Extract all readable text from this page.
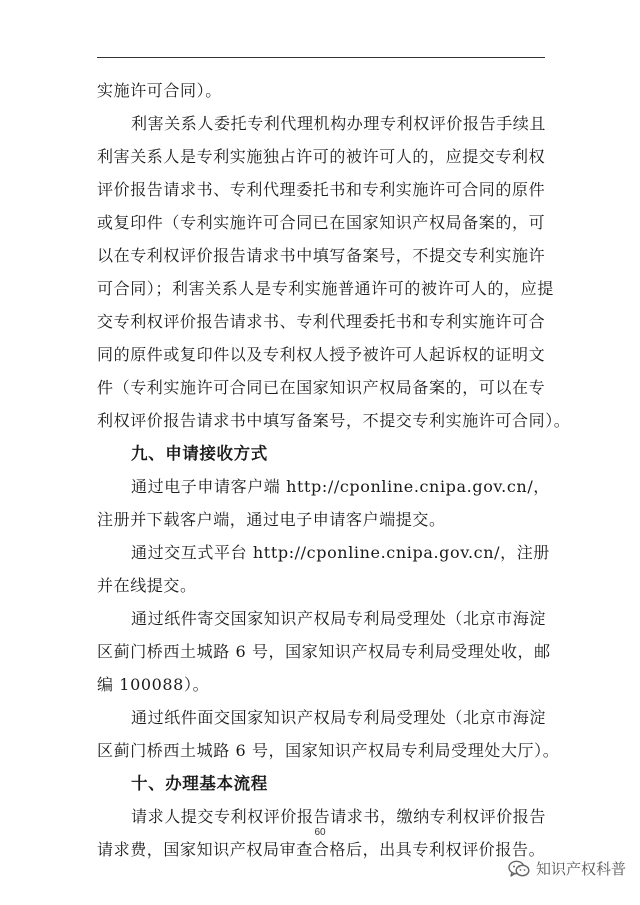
实施许可合同）。
利害关系人委托专利代理机构办理专利权评价报告手续且
利害关系人是专利实施独占许可的被许可人的，应提交专利权
评价报告请求书、专利代理委托书和专利实施许可合同的原件
或复印件（专利实施许可合同已在国家知识产权局备案的，可
以在专利权评价报告请求书中填写备案号，不提交专利实施许
可合同）；利害关系人是专利实施普通许可的被许可人的，应提
交专利权评价报告请求书、专利代理委托书和专利实施许可合
同的原件或复印件以及专利权人授予被许可人起诉权的证明文
件（专利实施许可合同已在国家知识产权局备案的，可以在专
利权评价报告请求书中填写备案号，不提交专利实施许可合同）。
九、申请接收方式
通过电子申请客户端 http://cponline.cnipa.gov.cn/，
注册并下载客户端，通过电子申请客户端提交。
通过交互式平台 http://cponline.cnipa.gov.cn/，注册
并在线提交。
通过纸件寄交国家知识产权局专利局受理处（北京市海淀
区蓟门桥西土城路 6 号，国家知识产权局专利局受理处收，邮
编 100088）。
通过纸件面交国家知识产权局专利局受理处（北京市海淀
区蓟门桥西土城路 6 号，国家知识产权局专利局受理处大厅）。
十、办理基本流程
请求人提交专利权评价报告请求书，缴纳专利权评价报告
请求费，国家知识产权局审查合格后，出具专利权评价报告。
60
知识产权科普
